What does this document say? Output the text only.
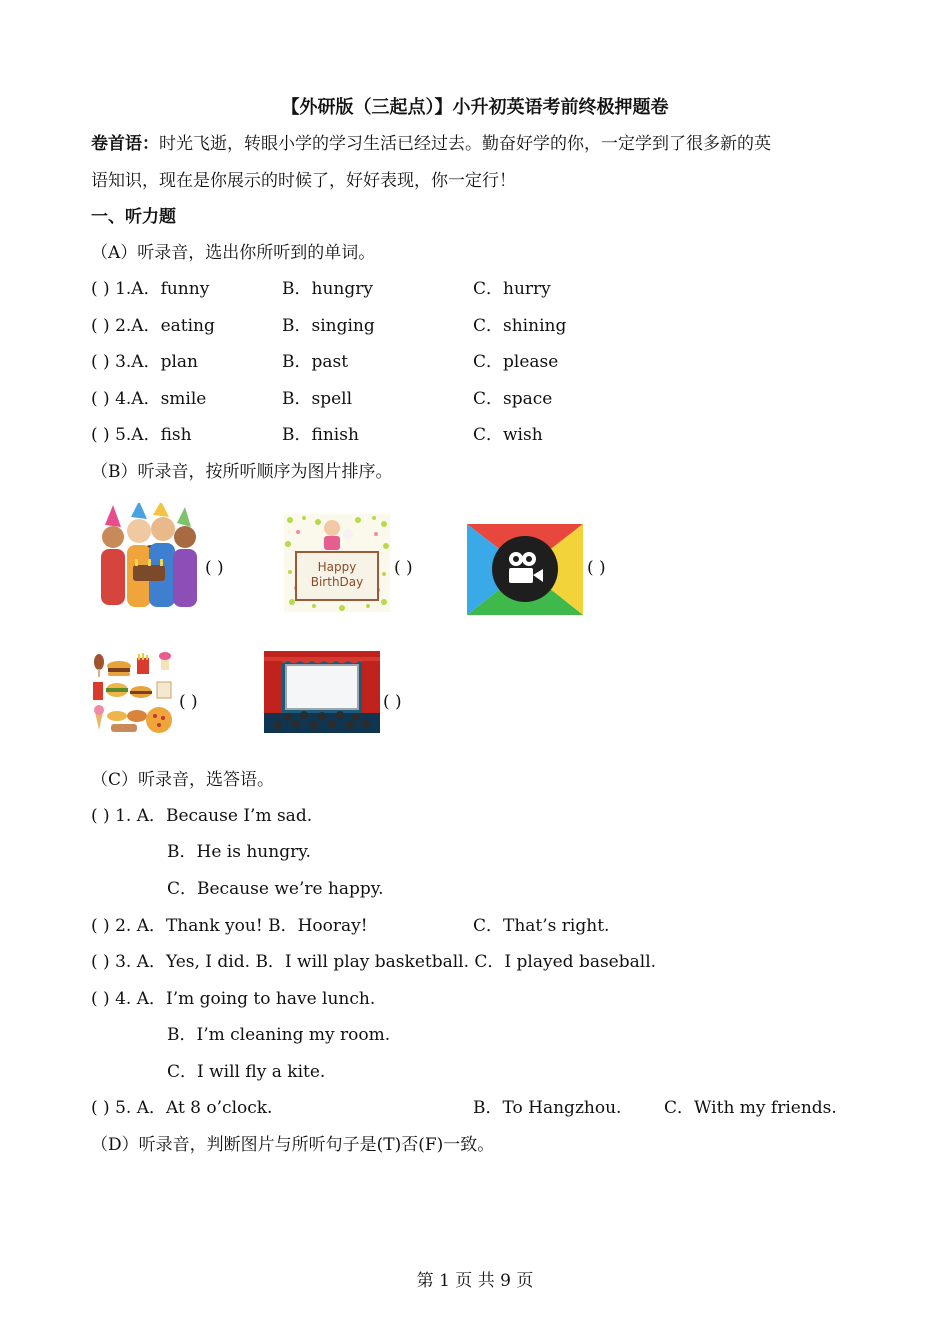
【外研版（三起点）】小升初英语考前终极押题卷
卷首语：时光飞逝，转眼小学的学习生活已经过去。勤奋好学的你，一定学到了很多新的英
语知识，现在是你展示的时候了，好好表现，你一定行！
一、听力题
（A）听录音，选出你所听到的单词。
( ) 1.A．funny	B．hungry	C．hurry
( ) 2.A．eating	B．singing	C．shining
( ) 3.A．plan	B．past	C．please
( ) 4.A．smile	B．spell	C．space
( ) 5.A．fish	B．finish	C．wish
（B）听录音，按所听顺序为图片排序。
( )	Happy BirthDay
( )	( )
( )	( )
（C）听录音，选答语。
( ) 1. A．Because I’m sad.
B．He is hungry.
C．Because we’re happy.
( ) 2. A．Thank you! B．Hooray!	C．That’s right.
( ) 3. A．Yes, I did. B．I will play basketball. C．I played baseball.
( ) 4. A．I’m going to have lunch.
B．I’m cleaning my room.
C．I will fly a kite.
( ) 5. A．At 8 o’clock.	B．To Hangzhou.	C．With my friends.
（D）听录音，判断图片与所听句子是(T)否(F)一致。
第 1 页 共 9 页
